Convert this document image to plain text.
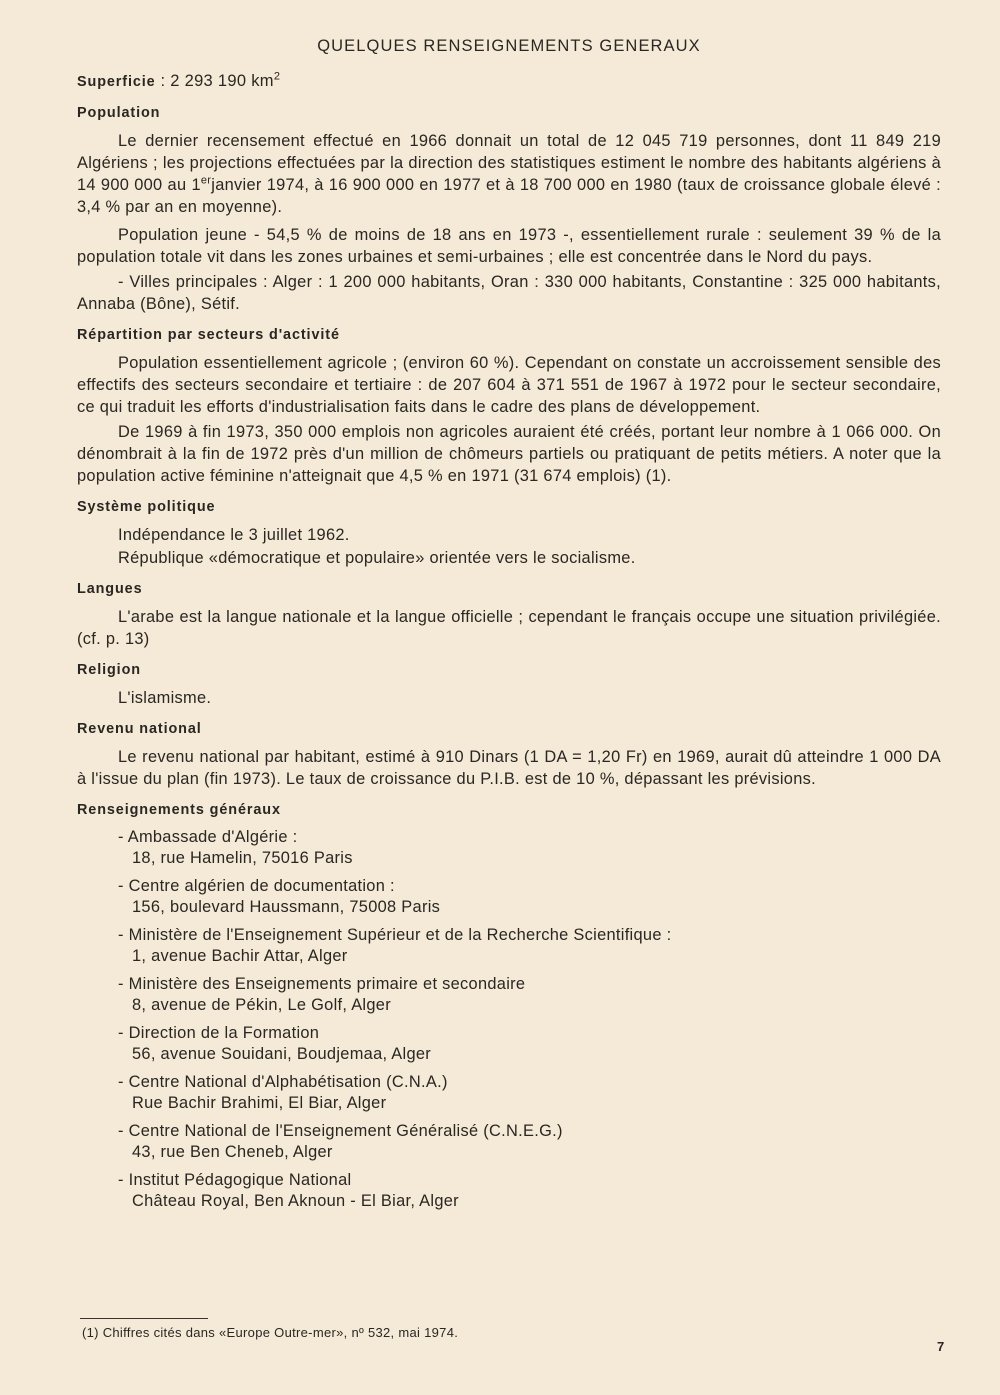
QUELQUES RENSEIGNEMENTS GENERAUX

Superficie : 2 293 190 $km^2$

Population

Le dernier recensement effectué en 1966 donnait un total de 12 045 719 personnes, dont 11 849 219 Algériens ; les projections effectuées par la direction des statistiques estiment le nombre des habitants algériens à 14 900 000 au 1erjanvier 1974, à 16 900 000 en 1977 et à 18 700 000 en 1980 (taux de croissance globale élevé : 3,4 % par an en moyenne).

Population jeune - 54,5 % de moins de 18 ans en 1973 -, essentiellement rurale : seulement 39 % de la population totale vit dans les zones urbaines et semi-urbaines ; elle est concentrée dans le Nord du pays.

- Villes principales : Alger : 1 200 000 habitants, Oran : 330 000 habitants, Constantine : 325 000 habitants, Annaba (Bône), Sétif.

Répartition par secteurs d'activité

Population essentiellement agricole ; (environ 60 %). Cependant on constate un accroissement sensible des effectifs des secteurs secondaire et tertiaire : de 207 604 à 371 551 de 1967 à 1972 pour le secteur secondaire, ce qui traduit les efforts d'industrialisation faits dans le cadre des plans de développement.

De 1969 à fin 1973, 350 000 emplois non agricoles auraient été créés, portant leur nombre à 1 066 000. On dénombrait à la fin de 1972 près d'un million de chômeurs partiels ou pratiquant de petits métiers. A noter que la population active féminine n'atteignait que 4,5 % en 1971 (31 674 emplois) (1).

Système politique

Indépendance le 3 juillet 1962.

République «démocratique et populaire» orientée vers le socialisme.

Langues

L'arabe est la langue nationale et la langue officielle ; cependant le français occupe une situation privilégiée. (cf. p. 13)

Religion

L'islamisme.

Revenu national

Le revenu national par habitant, estimé à 910 Dinars (1 DA = 1,20 Fr) en 1969, aurait dû atteindre 1 000 DA à l'issue du plan (fin 1973). Le taux de croissance du P.I.B. est de 10 %, dépassant les prévisions.

Renseignements généraux

- Ambassade d'Algérie :
18, rue Hamelin, 75016 Paris
- Centre algérien de documentation :
156, boulevard Haussmann, 75008 Paris
- Ministère de l'Enseignement Supérieur et de la Recherche Scientifique :
1, avenue Bachir Attar, Alger
- Ministère des Enseignements primaire et secondaire
8, avenue de Pékin, Le Golf, Alger
- Direction de la Formation
56, avenue Souidani, Boudjemaa, Alger
- Centre National d'Alphabétisation (C.N.A.)
Rue Bachir Brahimi, El Biar, Alger
- Centre National de l'Enseignement Généralisé (C.N.E.G.)
43, rue Ben Cheneb, Alger
- Institut Pédagogique National
Château Royal, Ben Aknoun - El Biar, Alger
(1) Chiffres cités dans «Europe Outre-mer», nº 532, mai 1974.
7
